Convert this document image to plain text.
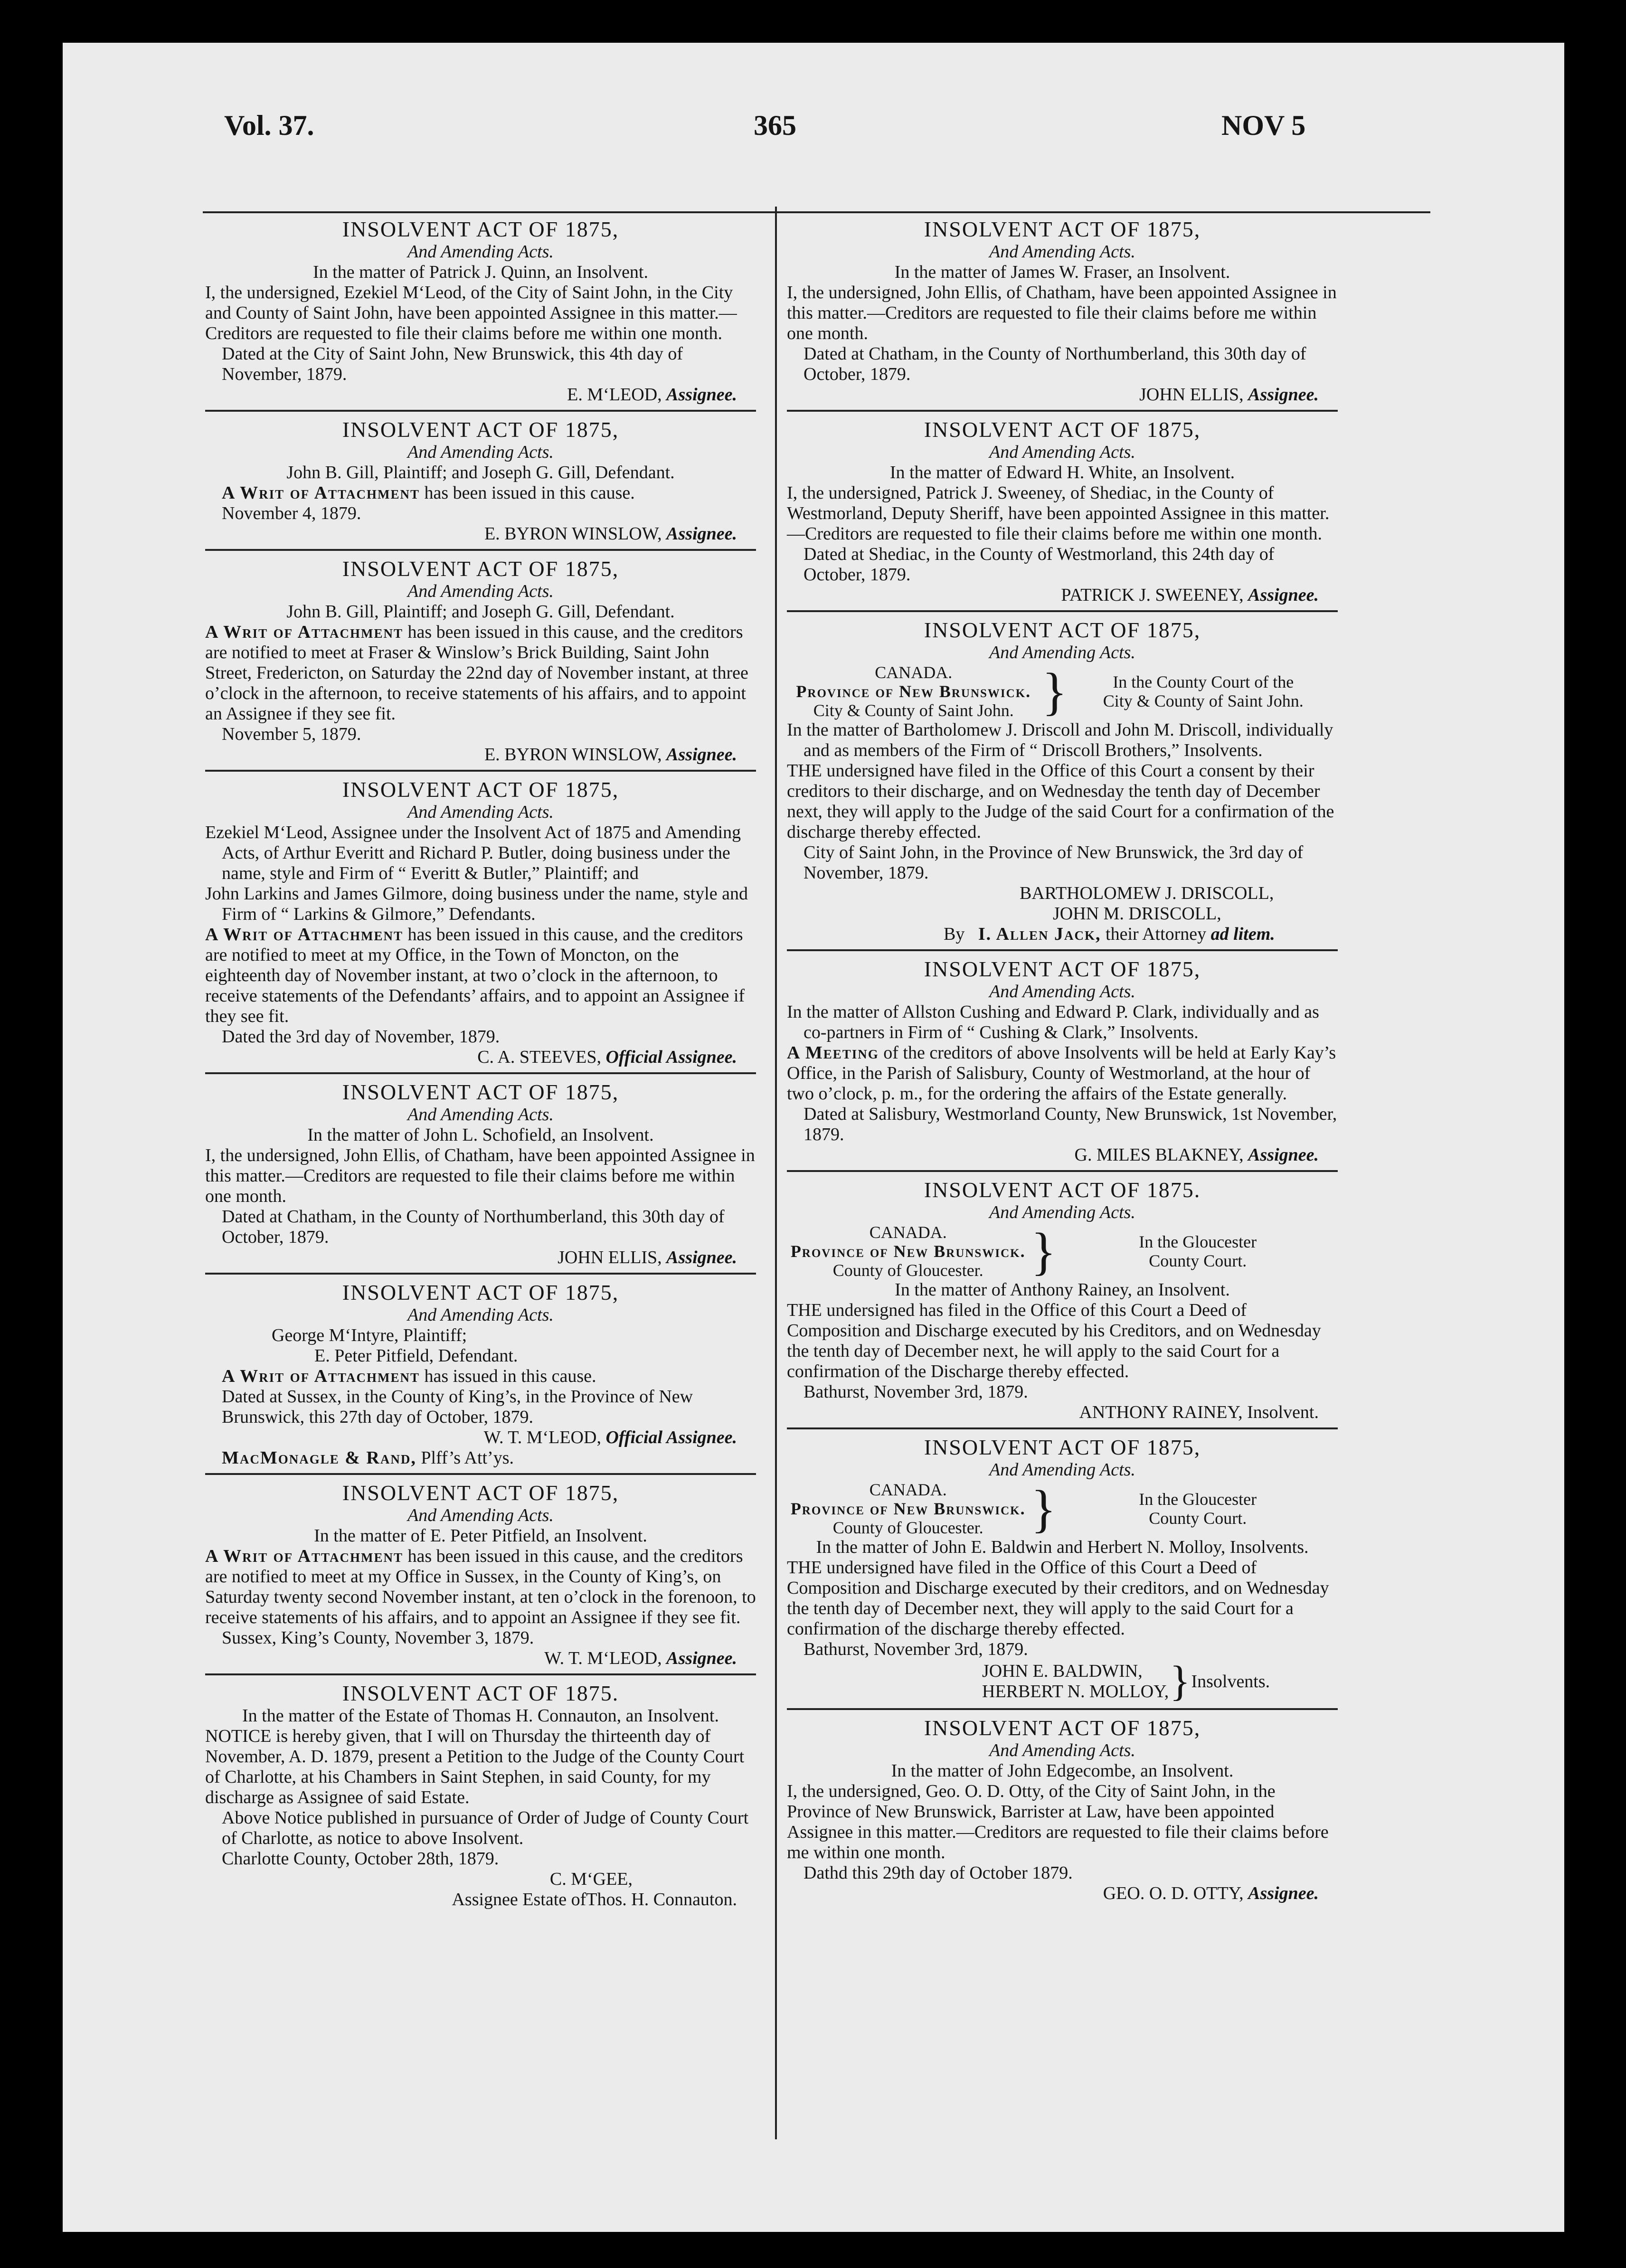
Vol. 37.	365	NOV 5
INSOLVENT ACT OF 1875,
And Amending Acts.
In the matter of Patrick J. Quinn, an Insolvent.
I, the undersigned, Ezekiel M‘Leod, of the City of Saint John, in the City and County of Saint John, have been appointed Assignee in this matter.—Creditors are requested to file their claims before me within one month.
Dated at the City of Saint John, New Brunswick, this 4th day of November, 1879.
E. M‘LEOD, Assignee.
INSOLVENT ACT OF 1875,
And Amending Acts.
John B. Gill, Plaintiff; and Joseph G. Gill, Defendant.
A Writ of Attachment has been issued in this cause.
November 4, 1879.
E. BYRON WINSLOW, Assignee.
INSOLVENT ACT OF 1875,
And Amending Acts.
John B. Gill, Plaintiff; and Joseph G. Gill, Defendant.
A Writ of Attachment has been issued in this cause, and the creditors are notified to meet at Fraser & Winslow’s Brick Building, Saint John Street, Fredericton, on Saturday the 22nd day of November instant, at three o’clock in the afternoon, to receive statements of his affairs, and to appoint an Assignee if they see fit.
November 5, 1879.
E. BYRON WINSLOW, Assignee.
INSOLVENT ACT OF 1875,
And Amending Acts.
Ezekiel M‘Leod, Assignee under the Insolvent Act of 1875 and Amending Acts, of Arthur Everitt and Richard P. Butler, doing business under the name, style and Firm of “ Everitt & Butler,” Plaintiff; and
John Larkins and James Gilmore, doing business under the name, style and Firm of “ Larkins & Gilmore,” Defendants.
A Writ of Attachment has been issued in this cause, and the creditors are notified to meet at my Office, in the Town of Moncton, on the eighteenth day of November instant, at two o’clock in the afternoon, to receive statements of the Defendants’ affairs, and to appoint an Assignee if they see fit.
Dated the 3rd day of November, 1879.
C. A. STEEVES, Official Assignee.
INSOLVENT ACT OF 1875,
And Amending Acts.
In the matter of John L. Schofield, an Insolvent.
I, the undersigned, John Ellis, of Chatham, have been appointed Assignee in this matter.—Creditors are requested to file their claims before me within one month.
Dated at Chatham, in the County of Northumberland, this 30th day of October, 1879.
JOHN ELLIS, Assignee.
INSOLVENT ACT OF 1875,
And Amending Acts.
George M‘Intyre, Plaintiff;
E. Peter Pitfield, Defendant.
A Writ of Attachment has issued in this cause.
Dated at Sussex, in the County of King’s, in the Province of New Brunswick, this 27th day of October, 1879.
W. T. M‘LEOD, Official Assignee.
MacMonagle & Rand, Plff’s Att’ys.
INSOLVENT ACT OF 1875,
And Amending Acts.
In the matter of E. Peter Pitfield, an Insolvent.
A Writ of Attachment has been issued in this cause, and the creditors are notified to meet at my Office in Sussex, in the County of King’s, on Saturday twenty second November instant, at ten o’clock in the forenoon, to receive statements of his affairs, and to appoint an Assignee if they see fit.
Sussex, King’s County, November 3, 1879.
W. T. M‘LEOD, Assignee.
INSOLVENT ACT OF 1875.
In the matter of the Estate of Thomas H. Connauton, an Insolvent.
NOTICE is hereby given, that I will on Thursday the thirteenth day of November, A. D. 1879, present a Petition to the Judge of the County Court of Charlotte, at his Chambers in Saint Stephen, in said County, for my discharge as Assignee of said Estate.
Above Notice published in pursuance of Order of Judge of County Court of Charlotte, as notice to above Insolvent.
Charlotte County, October 28th, 1879.
C. M‘GEE,
Assignee Estate ofThos. H. Connauton.
INSOLVENT ACT OF 1875,
And Amending Acts.
In the matter of James W. Fraser, an Insolvent.
I, the undersigned, John Ellis, of Chatham, have been appointed Assignee in this matter.—Creditors are requested to file their claims before me within one month.
Dated at Chatham, in the County of Northumberland, this 30th day of October, 1879.
JOHN ELLIS, Assignee.
INSOLVENT ACT OF 1875,
And Amending Acts.
In the matter of Edward H. White, an Insolvent.
I, the undersigned, Patrick J. Sweeney, of Shediac, in the County of Westmorland, Deputy Sheriff, have been appointed Assignee in this matter.—Creditors are requested to file their claims before me within one month.
Dated at Shediac, in the County of Westmorland, this 24th day of October, 1879.
PATRICK J. SWEENEY, Assignee.
INSOLVENT ACT OF 1875,
And Amending Acts.
CANADA.
Province of New Brunswick.
City & County of Saint John.	}	In the County Court of the
City & County of Saint John.
In the matter of Bartholomew J. Driscoll and John M. Driscoll, individually and as members of the Firm of “ Driscoll Brothers,” Insolvents.
THE undersigned have filed in the Office of this Court a consent by their creditors to their discharge, and on Wednesday the tenth day of December next, they will apply to the Judge of the said Court for a confirmation of the discharge thereby effected.
City of Saint John, in the Province of New Brunswick, the 3rd day of November, 1879.
BARTHOLOMEW J. DRISCOLL,
JOHN M. DRISCOLL,
By I. Allen Jack, their Attorney ad litem.
INSOLVENT ACT OF 1875,
And Amending Acts.
In the matter of Allston Cushing and Edward P. Clark, individually and as co-partners in Firm of “ Cushing & Clark,” Insolvents.
A Meeting of the creditors of above Insolvents will be held at Early Kay’s Office, in the Parish of Salisbury, County of Westmorland, at the hour of two o’clock, p. m., for the ordering the affairs of the Estate generally.
Dated at Salisbury, Westmorland County, New Brunswick, 1st November, 1879.
G. MILES BLAKNEY, Assignee.
INSOLVENT ACT OF 1875.
And Amending Acts.
CANADA.
Province of New Brunswick.
County of Gloucester.	}	In the Gloucester
County Court.
In the matter of Anthony Rainey, an Insolvent.
THE undersigned has filed in the Office of this Court a Deed of Composition and Discharge executed by his Creditors, and on Wednesday the tenth day of December next, he will apply to the said Court for a confirmation of the Discharge thereby effected.
Bathurst, November 3rd, 1879.
ANTHONY RAINEY, Insolvent.
INSOLVENT ACT OF 1875,
And Amending Acts.
CANADA.
Province of New Brunswick.
County of Gloucester.	}	In the Gloucester
County Court.
In the matter of John E. Baldwin and Herbert N. Molloy, Insolvents.
THE undersigned have filed in the Office of this Court a Deed of Composition and Discharge executed by their creditors, and on Wednesday the tenth day of December next, they will apply to the said Court for a confirmation of the discharge thereby effected.
Bathurst, November 3rd, 1879.
JOHN E. BALDWIN,
HERBERT N. MOLLOY,	}	Insolvents.
INSOLVENT ACT OF 1875,
And Amending Acts.
In the matter of John Edgecombe, an Insolvent.
I, the undersigned, Geo. O. D. Otty, of the City of Saint John, in the Province of New Brunswick, Barrister at Law, have been appointed Assignee in this matter.—Creditors are requested to file their claims before me within one month.
Dathd this 29th day of October 1879.
GEO. O. D. OTTY, Assignee.
